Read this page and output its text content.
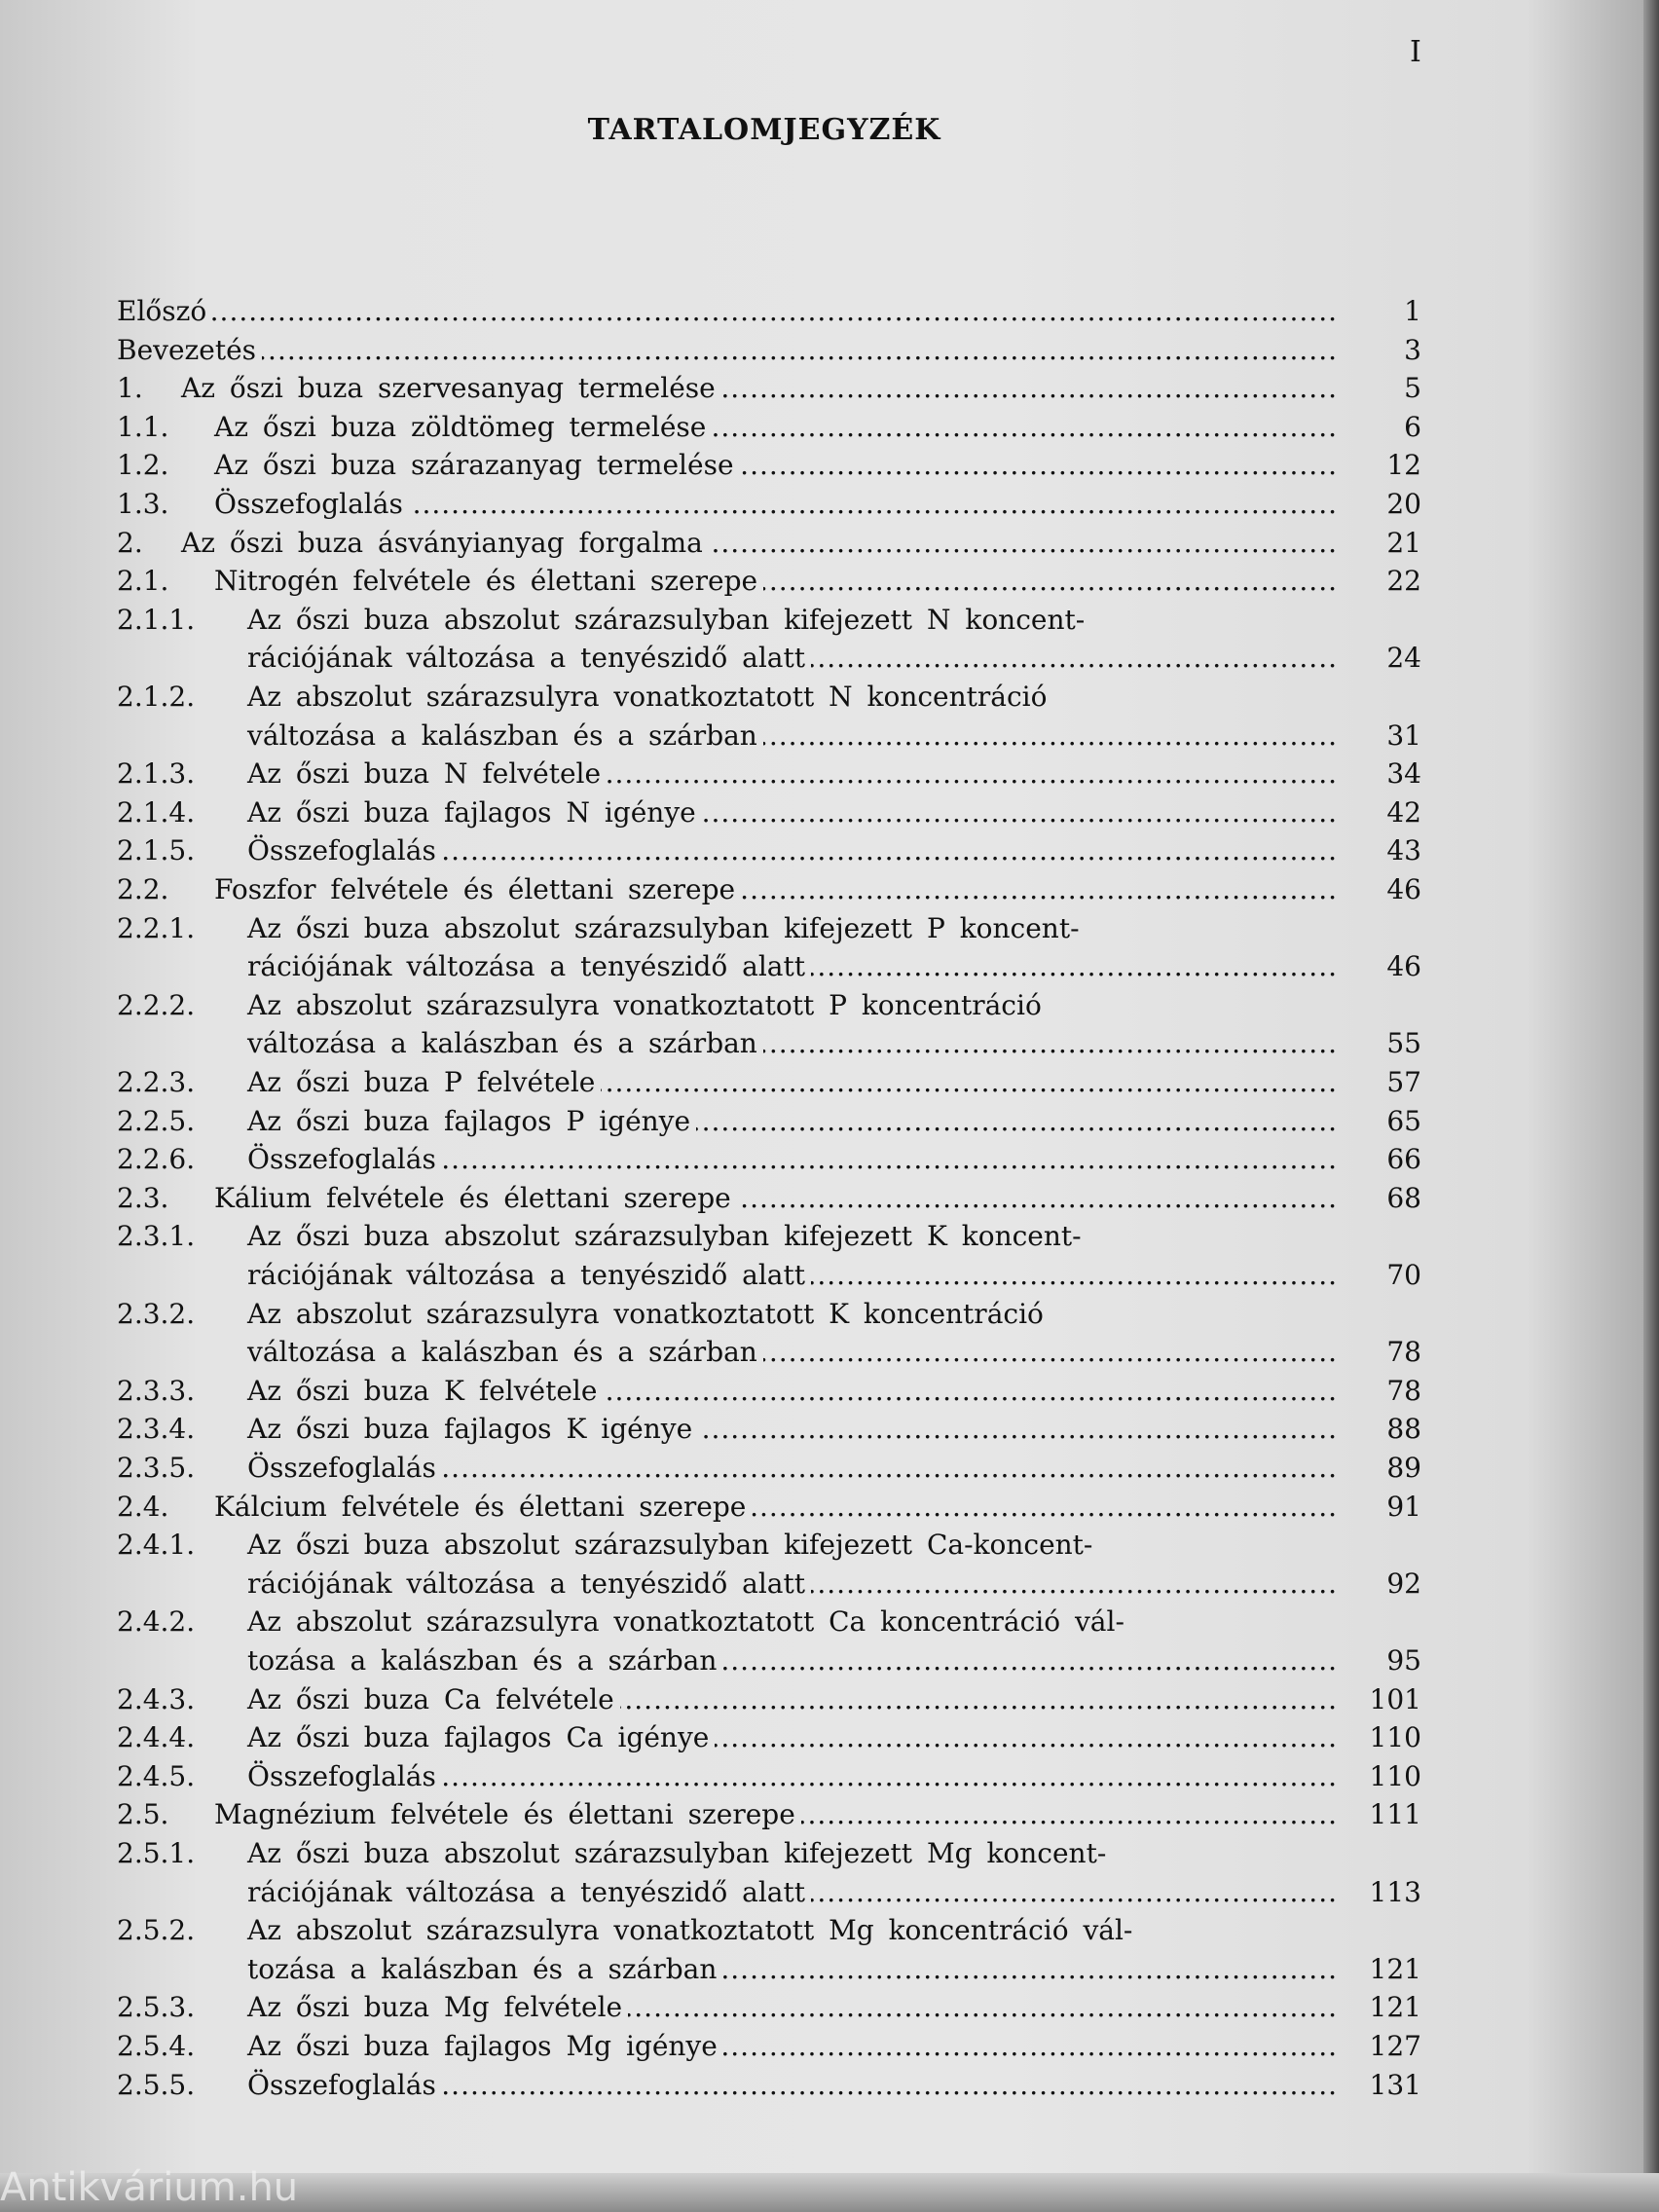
I
TARTALOMJEGYZÉK
Előszó .....	1
Bevezetés .....	3
1. Az őszi buza szervesanyag termelése .....	5
1.1. Az őszi buza zöldtömeg termelése .....	6
1.2. Az őszi buza szárazanyag termelése .....	12
1.3. Összefoglalás .....	20
2. Az őszi buza ásványianyag forgalma .....	21
2.1. Nitrogén felvétele és élettani szerepe .....	22
2.1.1. Az őszi buza abszolut szárazsulyban kifejezett N koncent-
rációjának változása a tenyészidő alatt .....	24
2.1.2. Az abszolut szárazsulyra vonatkoztatott N koncentráció
változása a kalászban és a szárban .....	31
2.1.3. Az őszi buza N felvétele .....	34
2.1.4. Az őszi buza fajlagos N igénye .....	42
2.1.5. Összefoglalás .....	43
2.2. Foszfor felvétele és élettani szerepe .....	46
2.2.1. Az őszi buza abszolut szárazsulyban kifejezett P koncent-
rációjának változása a tenyészidő alatt .....	46
2.2.2. Az abszolut szárazsulyra vonatkoztatott P koncentráció
változása a kalászban és a szárban .....	55
2.2.3. Az őszi buza P felvétele .....	57
2.2.5. Az őszi buza fajlagos P igénye .....	65
2.2.6. Összefoglalás .....	66
2.3. Kálium felvétele és élettani szerepe .....	68
2.3.1. Az őszi buza abszolut szárazsulyban kifejezett K koncent-
rációjának változása a tenyészidő alatt .....	70
2.3.2. Az abszolut szárazsulyra vonatkoztatott K koncentráció
változása a kalászban és a szárban .....	78
2.3.3. Az őszi buza K felvétele .....	78
2.3.4. Az őszi buza fajlagos K igénye .....	88
2.3.5. Összefoglalás .....	89
2.4. Kálcium felvétele és élettani szerepe .....	91
2.4.1. Az őszi buza abszolut szárazsulyban kifejezett Ca-koncent-
rációjának változása a tenyészidő alatt .....	92
2.4.2. Az abszolut szárazsulyra vonatkoztatott Ca koncentráció vál-
tozása a kalászban és a szárban .....	95
2.4.3. Az őszi buza Ca felvétele .....	101
2.4.4. Az őszi buza fajlagos Ca igénye .....	110
2.4.5. Összefoglalás .....	110
2.5. Magnézium felvétele és élettani szerepe .....	111
2.5.1. Az őszi buza abszolut szárazsulyban kifejezett Mg koncent-
rációjának változása a tenyészidő alatt .....	113
2.5.2. Az abszolut szárazsulyra vonatkoztatott Mg koncentráció vál-
tozása a kalászban és a szárban .....	121
2.5.3. Az őszi buza Mg felvétele .....	121
2.5.4. Az őszi buza fajlagos Mg igénye .....	127
2.5.5. Összefoglalás .....	131
Antikvárium.hu
